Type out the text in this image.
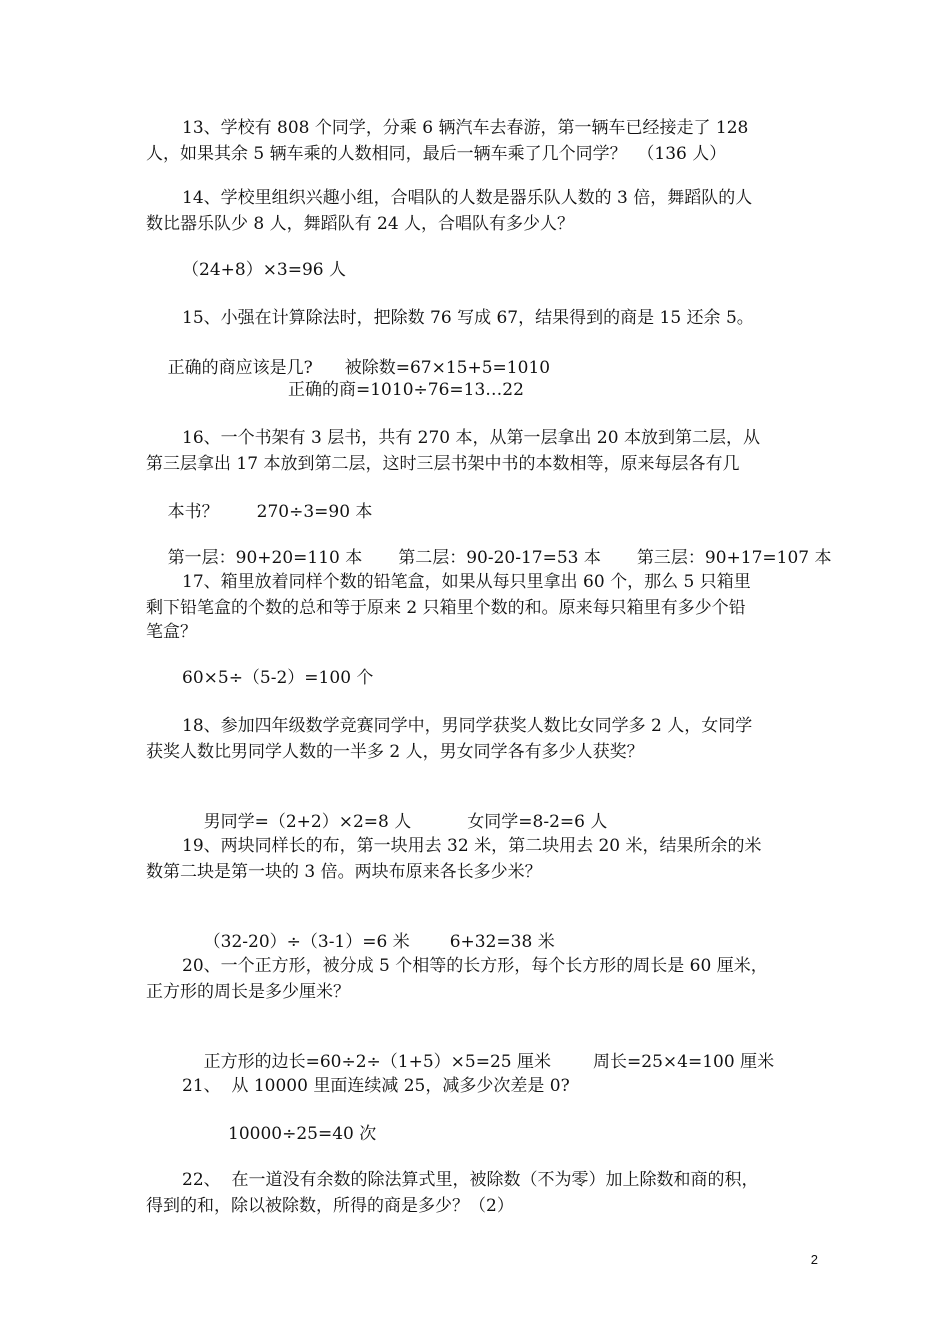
13、学校有 808 个同学，分乘 6 辆汽车去春游，第一辆车已经接走了 128
人，如果其余 5 辆车乘的人数相同，最后一辆车乘了几个同学？  （136 人）
14、学校里组织兴趣小组，合唱队的人数是器乐队人数的 3 倍，舞蹈队的人
数比器乐队少 8 人，舞蹈队有 24 人，合唱队有多少人？
（24+8）×3=96 人
15、小强在计算除法时，把除数 76 写成 67，结果得到的商是 15 还余 5。

正确的商应该是几? 被除数=67×15+5=1010

正确的商=1010÷76=13…22
16、一个书架有 3 层书，共有 270 本，从第一层拿出 20 本放到第二层，从
第三层拿出 17 本放到第二层，这时三层书架中书的本数相等，原来每层各有几

本书？ 270÷3=90 本

第一层：90+20=110 本 第二层：90-20-17=53 本 第三层：90+17=107 本

17、箱里放着同样个数的铅笔盒，如果从每只里拿出 60 个，那么 5 只箱里
剩下铅笔盒的个数的总和等于原来 2 只箱里个数的和。原来每只箱里有多少个铅
笔盒？
60×5÷（5-2）=100 个
18、参加四年级数学竞赛同学中，男同学获奖人数比女同学多 2 人，女同学
获奖人数比男同学人数的一半多 2 人，男女同学各有多少人获奖？

男同学=（2+2）×2=8 人	女同学=8-2=6 人

19、两块同样长的布，第一块用去 32 米，第二块用去 20 米，结果所余的米
数第二块是第一块的 3 倍。两块布原来各长多少米？

（32-20）÷（3-1）=6 米 6+32=38 米

20、一个正方形，被分成 5 个相等的长方形，每个长方形的周长是 60 厘米，
正方形的周长是多少厘米？

正方形的边长=60÷2÷（1+5）×5=25 厘米 周长=25×4=100 厘米

21、  从 10000 里面连续减 25，减多少次差是 0?
10000÷25=40 次
22、  在一道没有余数的除法算式里，被除数（不为零）加上除数和商的积，
得到的和，除以被除数，所得的商是多少？（2）
2
